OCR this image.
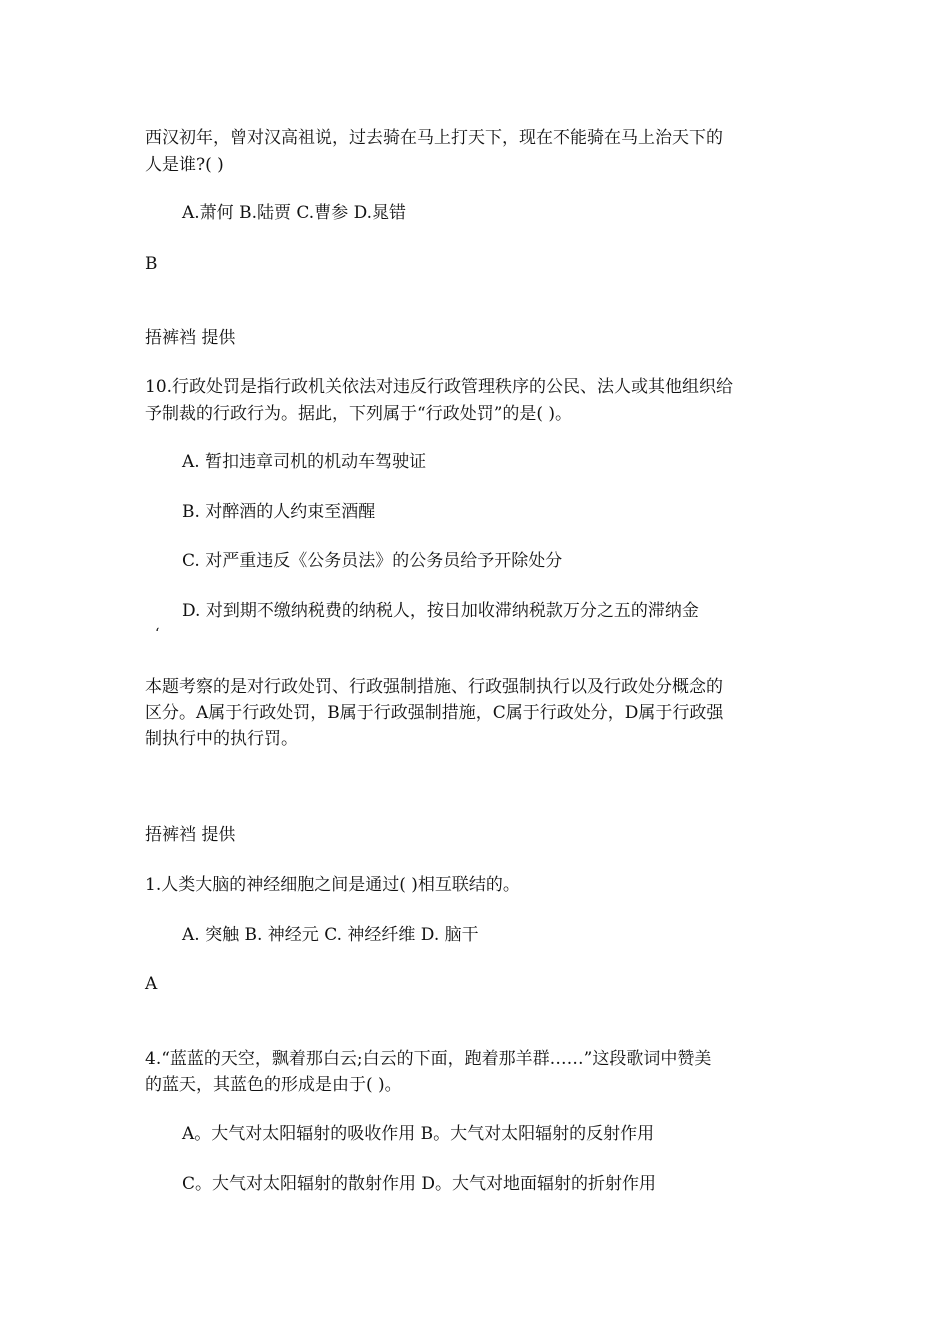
西汉初年，曾对汉高祖说，过去骑在马上打天下，现在不能骑在马上治天下的
人是谁?( )
A.萧何 B.陆贾 C.曹参 D.晁错
B
捂裤裆 提供
10.行政处罚是指行政机关依法对违反行政管理秩序的公民、法人或其他组织给
予制裁的行政行为。据此，下列属于“行政处罚”的是( )。
A. 暂扣违章司机的机动车驾驶证
B. 对醉酒的人约束至酒醒
C. 对严重违反《公务员法》的公务员给予开除处分
D. 对到期不缴纳税费的纳税人，按日加收滞纳税款万分之五的滞纳金
‘
本题考察的是对行政处罚、行政强制措施、行政强制执行以及行政处分概念的
区分。A属于行政处罚，B属于行政强制措施，C属于行政处分，D属于行政强
制执行中的执行罚。
捂裤裆 提供
1.人类大脑的神经细胞之间是通过( )相互联结的。
A. 突触 B. 神经元 C. 神经纤维 D. 脑干
A
4.“蓝蓝的天空，飘着那白云;白云的下面，跑着那羊群……”这段歌词中赞美
的蓝天，其蓝色的形成是由于( )。
A。大气对太阳辐射的吸收作用 B。大气对太阳辐射的反射作用
C。大气对太阳辐射的散射作用 D。大气对地面辐射的折射作用
